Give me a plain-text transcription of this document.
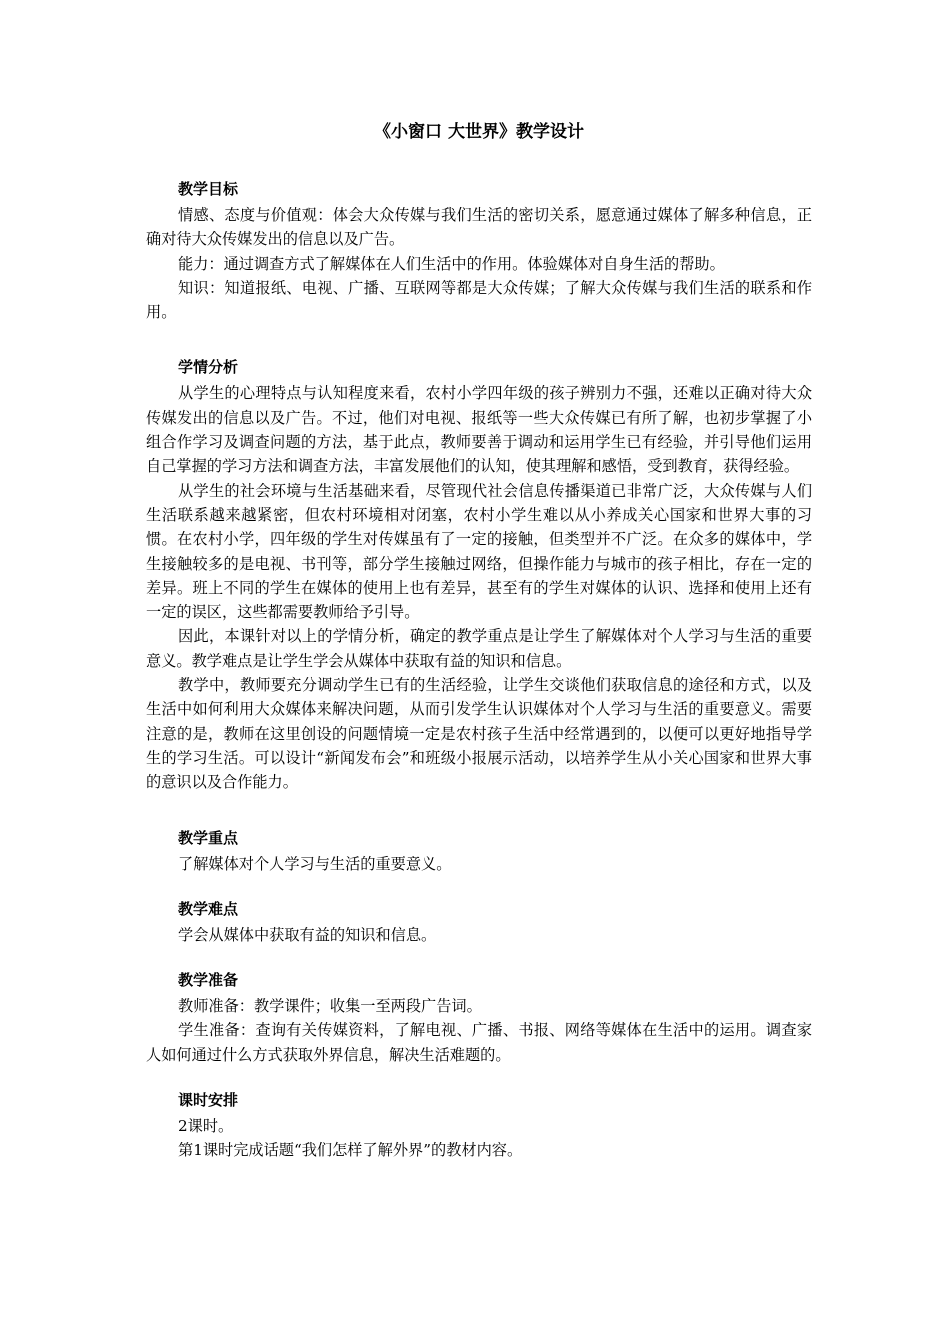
《小窗口 大世界》教学设计
教学目标

情感、态度与价值观：体会大众传媒与我们生活的密切关系，愿意通过媒体了解多种信息，正确对待大众传媒发出的信息以及广告。

能力：通过调查方式了解媒体在人们生活中的作用。体验媒体对自身生活的帮助。

知识：知道报纸、电视、广播、互联网等都是大众传媒；了解大众传媒与我们生活的联系和作用。

学情分析

从学生的心理特点与认知程度来看，农村小学四年级的孩子辨别力不强，还难以正确对待大众传媒发出的信息以及广告。不过，他们对电视、报纸等一些大众传媒已有所了解，也初步掌握了小组合作学习及调查问题的方法，基于此点，教师要善于调动和运用学生已有经验，并引导他们运用自己掌握的学习方法和调查方法，丰富发展他们的认知，使其理解和感悟，受到教育，获得经验。

从学生的社会环境与生活基础来看，尽管现代社会信息传播渠道已非常广泛，大众传媒与人们生活联系越来越紧密，但农村环境相对闭塞，农村小学生难以从小养成关心国家和世界大事的习惯。在农村小学，四年级的学生对传媒虽有了一定的接触，但类型并不广泛。在众多的媒体中，学生接触较多的是电视、书刊等，部分学生接触过网络，但操作能力与城市的孩子相比，存在一定的差异。班上不同的学生在媒体的使用上也有差异，甚至有的学生对媒体的认识、选择和使用上还有一定的误区，这些都需要教师给予引导。

因此，本课针对以上的学情分析，确定的教学重点是让学生了解媒体对个人学习与生活的重要意义。教学难点是让学生学会从媒体中获取有益的知识和信息。

教学中，教师要充分调动学生已有的生活经验，让学生交谈他们获取信息的途径和方式，以及生活中如何利用大众媒体来解决问题，从而引发学生认识媒体对个人学习与生活的重要意义。需要注意的是，教师在这里创设的问题情境一定是农村孩子生活中经常遇到的，以便可以更好地指导学生的学习生活。可以设计“新闻发布会”和班级小报展示活动，以培养学生从小关心国家和世界大事的意识以及合作能力。

教学重点

了解媒体对个人学习与生活的重要意义。

教学难点

学会从媒体中获取有益的知识和信息。

教学准备

教师准备：教学课件；收集一至两段广告词。

学生准备：查询有关传媒资料，了解电视、广播、书报、网络等媒体在生活中的运用。调查家人如何通过什么方式获取外界信息，解决生活难题的。

课时安排

2课时。

第1课时完成话题“我们怎样了解外界”的教材内容。
